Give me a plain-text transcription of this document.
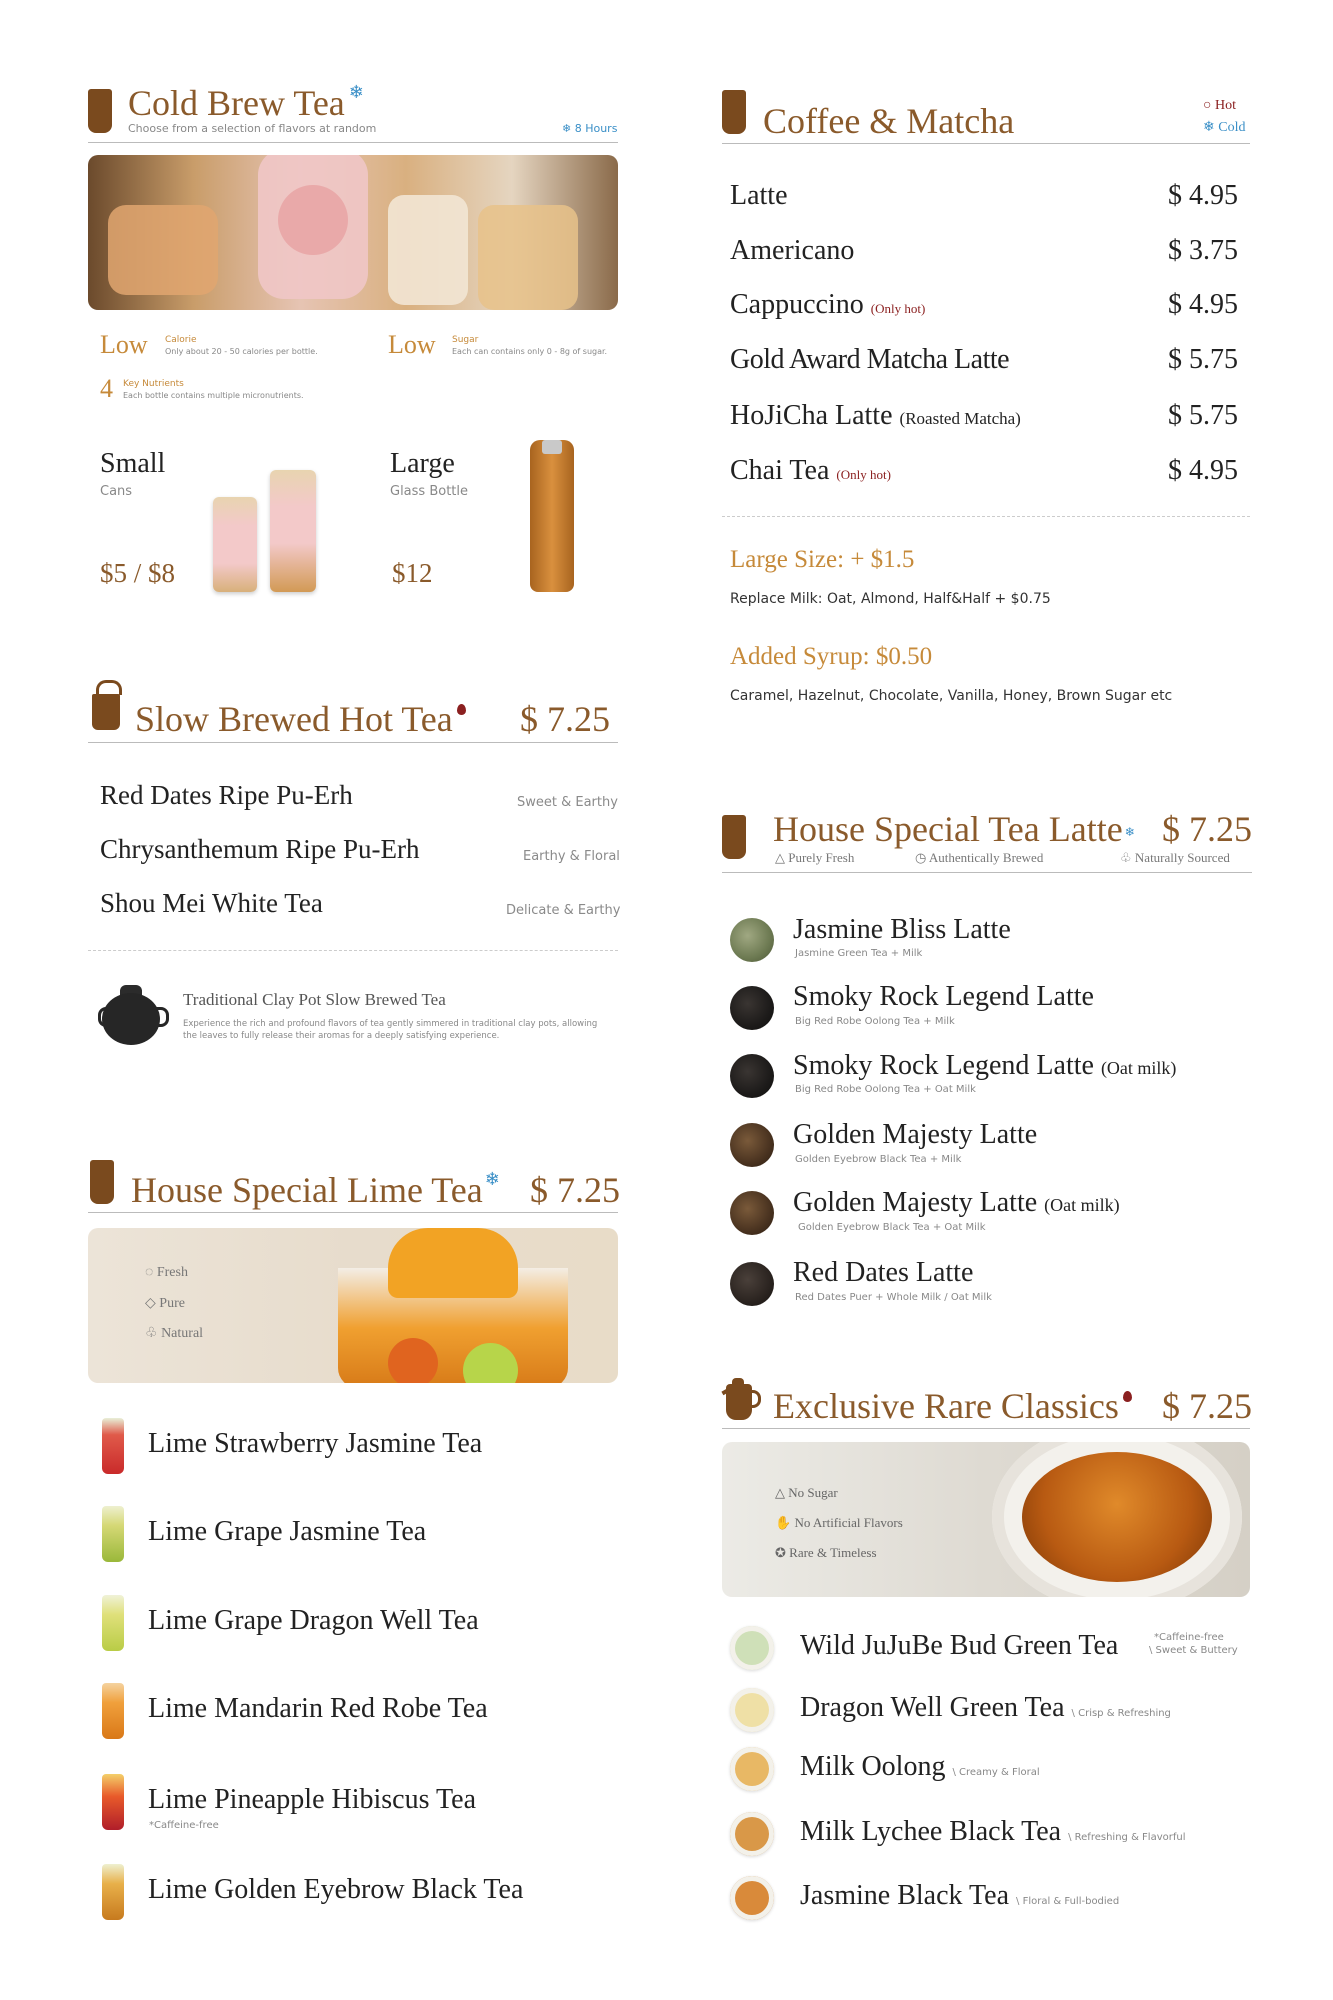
Cold Brew Tea ❄
Choose from a selection of flavors at random	❄ 8 Hours
Low Calorie
Only about 20 - 50 calories per bottle.	Low Sugar
Each can contains only 0 - 8g of sugar.
4 Key Nutrients
Each bottle contains multiple micronutrients.
Small
Cans
$5 / $8
Large
Glass Bottle
$12
Slow Brewed Hot Tea	$ 7.25
Red Dates Ripe Pu-Erh	Sweet & Earthy
Chrysanthemum Ripe Pu-Erh	Earthy & Floral
Shou Mei White Tea	Delicate & Earthy
Traditional Clay Pot Slow Brewed Tea
Experience the rich and profound flavors of tea gently simmered in traditional clay pots, allowing
the leaves to fully release their aromas for a deeply satisfying experience.
House Special Lime Tea ❄ $ 7.25
◌ Fresh
◇ Pure
♧ Natural
Lime Strawberry Jasmine Tea
Lime Grape Jasmine Tea
Lime Grape Dragon Well Tea
Lime Mandarin Red Robe Tea
Lime Pineapple Hibiscus Tea
*Caffeine-free
Lime Golden Eyebrow Black Tea
Coffee & Matcha	○ Hot
❄ Cold
Latte	$ 4.95
Americano	$ 3.75
Cappuccino (Only hot)	$ 4.95
Gold Award Matcha Latte	$ 5.75
HoJiCha Latte (Roasted Matcha)	$ 5.75
Chai Tea (Only hot)	$ 4.95
Large Size: + $1.5
Replace Milk: Oat, Almond, Half&Half + $0.75
Added Syrup: $0.50
Caramel, Hazelnut, Chocolate, Vanilla, Honey, Brown Sugar etc
House Special Tea Latte ❄ $ 7.25
△ Purely Fresh	◷ Authentically Brewed	♧ Naturally Sourced
Jasmine Bliss Latte
Jasmine Green Tea + Milk
Smoky Rock Legend Latte
Big Red Robe Oolong Tea + Milk
Smoky Rock Legend Latte (Oat milk)
Big Red Robe Oolong Tea + Oat Milk
Golden Majesty Latte
Golden Eyebrow Black Tea + Milk
Golden Majesty Latte (Oat milk)
Golden Eyebrow Black Tea + Oat Milk
Red Dates Latte
Red Dates Puer + Whole Milk / Oat Milk
Exclusive Rare Classics	$ 7.25
△ No Sugar
✋ No Artificial Flavors
✪ Rare & Timeless
Wild JuJuBe Bud Green Tea	*Caffeine-free
\ Sweet & Buttery
Dragon Well Green Tea \ Crisp & Refreshing
Milk Oolong \ Creamy & Floral
Milk Lychee Black Tea \ Refreshing & Flavorful
Jasmine Black Tea \ Floral & Full-bodied
